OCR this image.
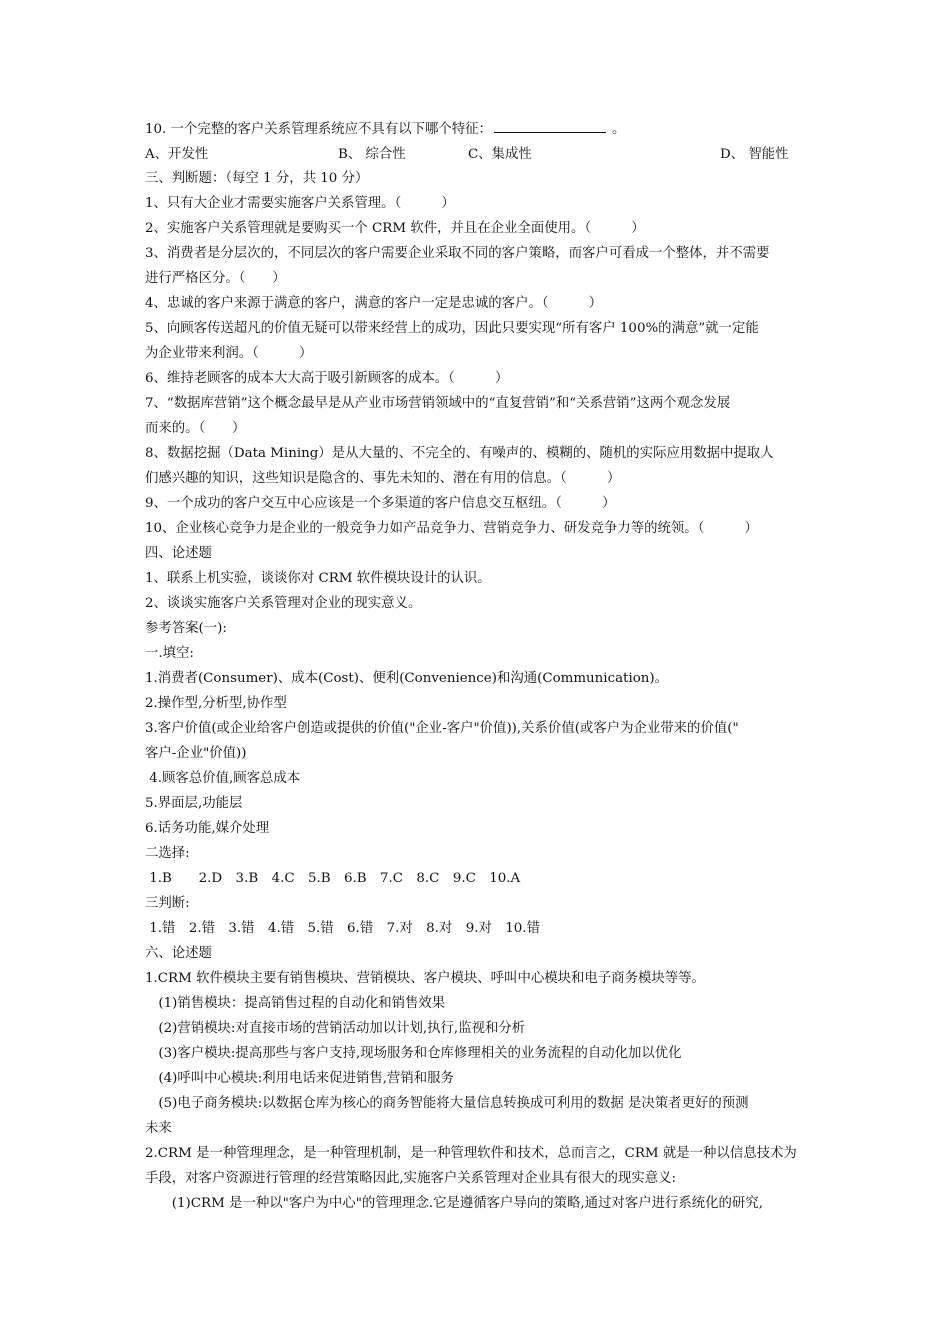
10. 一个完整的客户关系管理系统应不具有以下哪个特征：	。
A、开发性	B、 综合性	C、集成性	D、 智能性
三、判断题：（每空 1 分，共 10 分）
1、只有大企业才需要实施客户关系管理。（　　　）
2、实施客户关系管理就是要购买一个 CRM 软件，并且在企业全面使用。（　　　）
3、消费者是分层次的，不同层次的客户需要企业采取不同的客户策略，而客户可看成一个整体，并不需要
进行严格区分。（　　）
4、忠诚的客户来源于满意的客户，满意的客户一定是忠诚的客户。（　　　）
5、向顾客传送超凡的价值无疑可以带来经营上的成功，因此只要实现“所有客户 100%的满意”就一定能
为企业带来利润。（　　　）
6、维持老顾客的成本大大高于吸引新顾客的成本。（　　　）
7、“数据库营销”这个概念最早是从产业市场营销领域中的“直复营销”和“关系营销”这两个观念发展
而来的。（　　）
8、数据挖掘（Data Mining）是从大量的、不完全的、有噪声的、模糊的、随机的实际应用数据中提取人
们感兴趣的知识，这些知识是隐含的、事先未知的、潜在有用的信息。（　　　）
9、一个成功的客户交互中心应该是一个多渠道的客户信息交互枢纽。（　　　）
10、企业核心竞争力是企业的一般竞争力如产品竞争力、营销竞争力、研发竞争力等的统领。（　　　）
四、论述题
1、联系上机实验，谈谈你对 CRM 软件模块设计的认识。
2、谈谈实施客户关系管理对企业的现实意义。
参考答案(一):
一.填空:
1.消费者(Consumer)、成本(Cost)、便利(Convenience)和沟通(Communication)。
2.操作型,分析型,协作型
3.客户价值(或企业给客户创造或提供的价值("企业-客户"价值)),关系价值(或客户为企业带来的价值("
客户-企业"价值))
4.顾客总价值,顾客总成本
5.界面层,功能层
6.话务功能,媒介处理
二选择:
1.B　　2.D　3.B　4.C　5.B　6.B　7.C　8.C　9.C　10.A
三判断:
1.错　2.错　3.错　4.错　5.错　6.错　7.对　8.对　9.对　10.错
六、论述题
1.CRM 软件模块主要有销售模块、营销模块、客户模块、呼叫中心模块和电子商务模块等等。
　(1)销售模块：提高销售过程的自动化和销售效果
　(2)营销模块:对直接市场的营销活动加以计划,执行,监视和分析
　(3)客户模块:提高那些与客户支持,现场服务和仓库修理相关的业务流程的自动化加以优化
　(4)呼叫中心模块:利用电话来促进销售,营销和服务
　(5)电子商务模块:以数据仓库为核心的商务智能将大量信息转换成可利用的数据 是决策者更好的预测
未来
2.CRM 是一种管理理念，是一种管理机制，是一种管理软件和技术，总而言之，CRM 就是一种以信息技术为
手段，对客户资源进行管理的经营策略因此,实施客户关系管理对企业具有很大的现实意义:
　　(1)CRM 是一种以"客户为中心"的管理理念.它是遵循客户导向的策略,通过对客户进行系统化的研究,
